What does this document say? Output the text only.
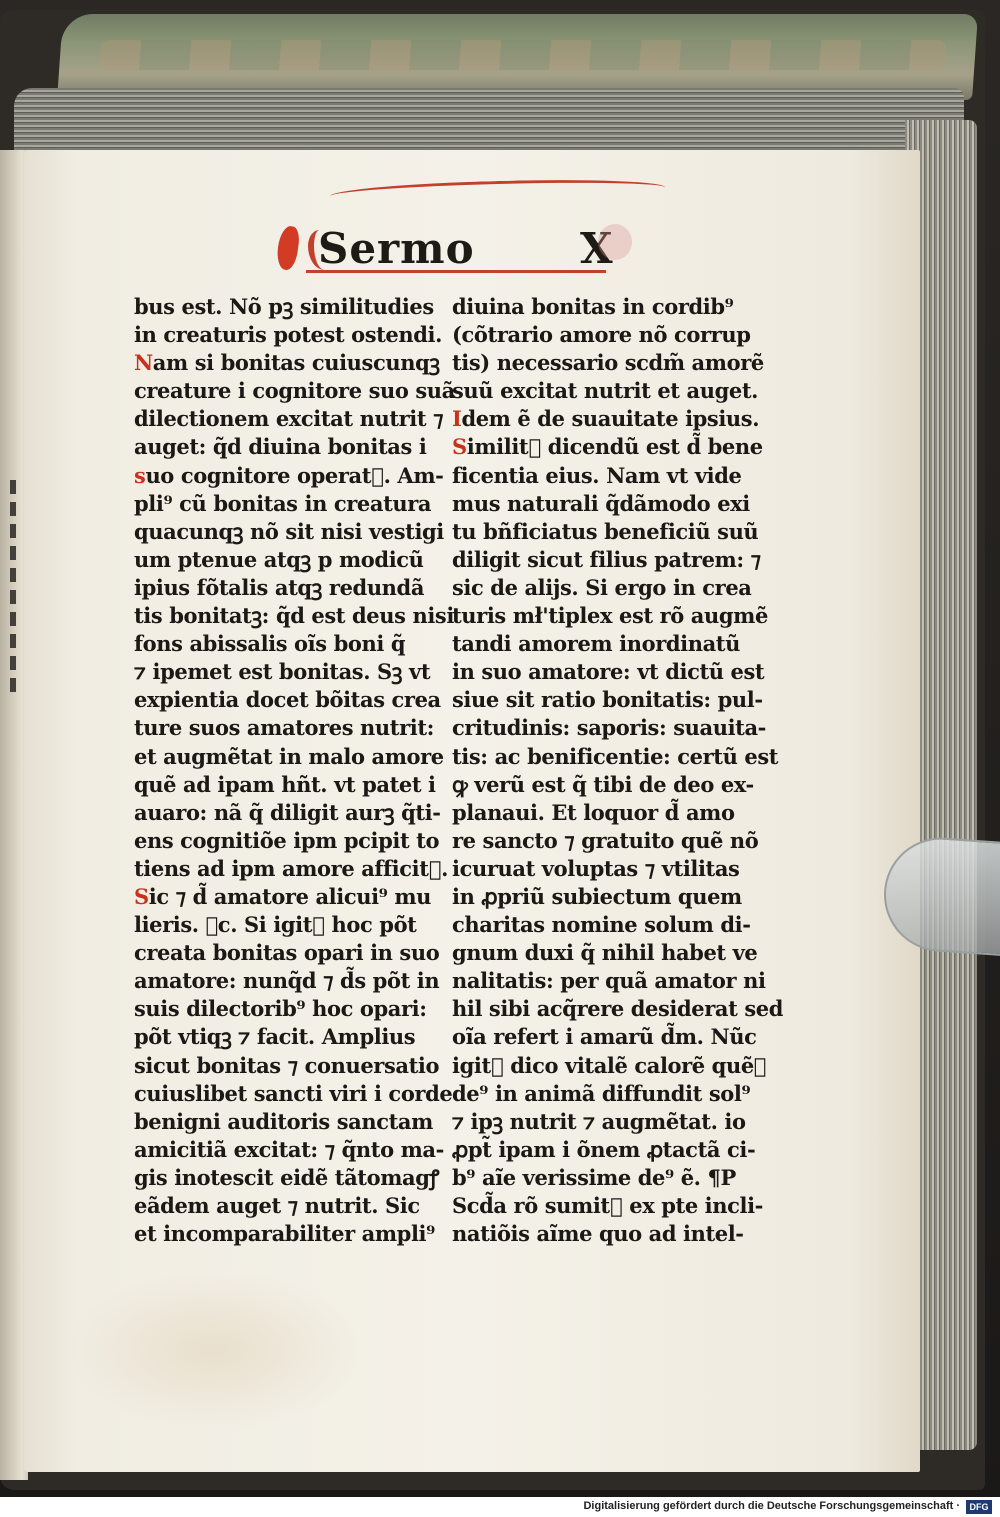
Sermo	X
bus est. Nõ pꝫ similitudies
in creaturis potest ostendi.
Nam si bonitas cuiuscunqꝫ
creature i cognitore suo suã
dilectionem excitat nutrit ⁊
auget: q̃d diuina bonitas i
suo cognitore operat᷑. Am-
pli⁹ cũ bonitas in creatura
quacunqꝫ nõ sit nisi vestigi
um ptenue atqꝫ p modicũ
ipius fõtalis atqꝫ redundã
tis bonitatꝫ: q̃d est deus nisi
fons abissalis oĩs boni q̃
⁊ ipemet est bonitas. Sꝫ vt
expientia docet bõitas crea
ture suos amatores nutrit:
et augmẽtat in malo amore
quẽ ad ipam hñt. vt patet i
auaro: nã q̃ diligit aurꝫ q̃ti-
ens cognitiõe ipm pcipit to
tiens ad ipm amore afficit᷑.
Sic ⁊ d̃ amatore alicui⁹ mu
lieris. ⁊c. Si igit᷑ hoc põt
creata bonitas opari in suo
amatore: nunq̃d ⁊ d̃s põt in
suis dilectorib⁹ hoc opari:
põt vtiqꝫ ⁊ facit. Amplius
sicut bonitas ⁊ conuersatio
cuiuslibet sancti viri i corde
benigni auditoris sanctam
amicitiã excitat: ⁊ q̃nto ma-
gis inotescit eidẽ tãtomagꝭ
eãdem auget ⁊ nutrit. Sic
et incomparabiliter ampli⁹
diuina bonitas in cordib⁹
(cõtrario amore nõ corrup
tis) necessario scdm̃ amorẽ
suũ excitat nutrit et auget.
Idem ẽ de suauitate ipsius.
Similit᷑ dicendũ est d̃ bene
ficentia eius. Nam vt vide
mus naturali q̃dãmodo exi
tu bñficiatus beneficiũ suũ
diligit sicut filius patrem: ⁊
sic de alijs. Si ergo in crea
turis mł'tiplex est rõ augmẽ
tandi amorem inordinatũ
in suo amatore: vt dictũ est
siue sit ratio bonitatis: pul-
critudinis: saporis: suauita-
tis: ac benificentie: certũ est
ꝙ verũ est q̃ tibi de deo ex-
planaui. Et loquor d̃ amo
re sancto ⁊ gratuito quẽ nõ
icuruat voluptas ⁊ vtilitas
in ꝓpriũ subiectum quem
charitas nomine solum di-
gnum duxi q̃ nihil habet ve
nalitatis: per quã amator ni
hil sibi acq̃rere desiderat sed
oĩa refert i amarũ d̃m. Nũc
igit᷑ dico vitalẽ calorẽ quẽꝫ
de⁹ in animã diffundit sol⁹
⁊ ipꝫ nutrit ⁊ augmẽtat. io
ꝓpt̃ ipam i õnem ꝓtactã ci-
b⁹ aĩe verissime de⁹ ẽ. ¶P
Scd̃a rõ sumit᷑ ex pte incli-
natiõis aĩme quo ad intel-
Digitalisierung gefördert durch die Deutsche Forschungsgemeinschaft ·	DFG
